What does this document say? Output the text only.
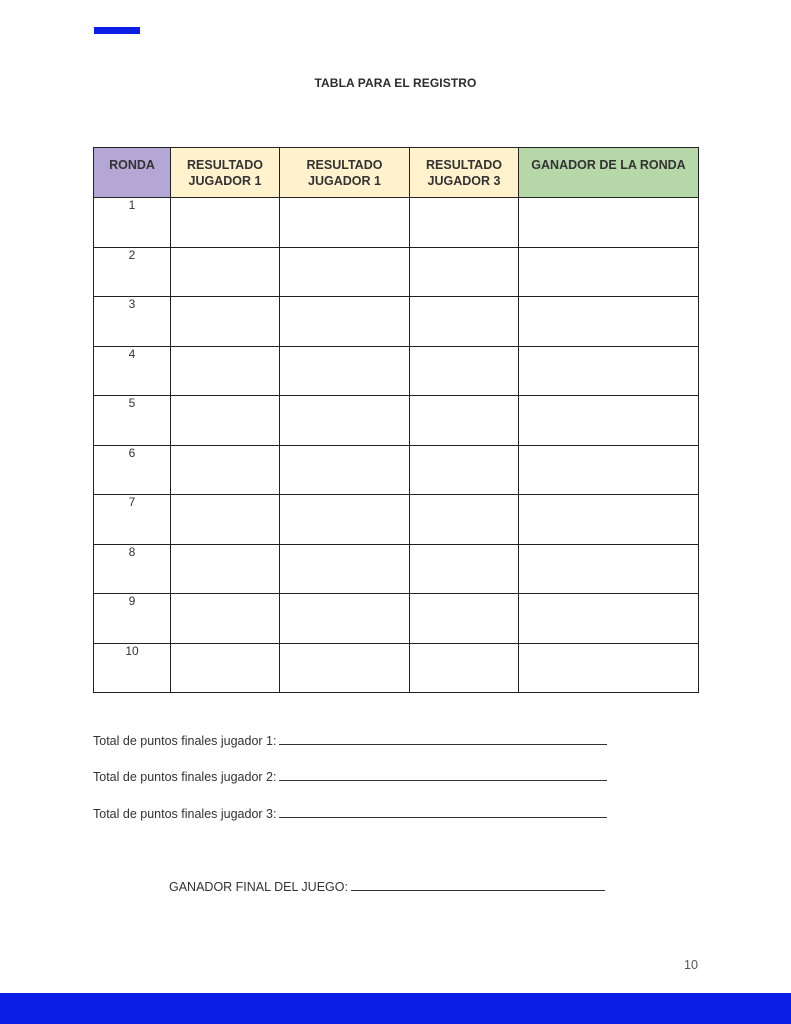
TABLA PARA EL REGISTRO
RONDA	RESULTADO JUGADOR 1	RESULTADO JUGADOR 1	RESULTADO JUGADOR 3	GANADOR DE LA RONDA
1				
2				
3				
4				
5				
6				
7				
8				
9				
10				
Total de puntos finales jugador 1:
Total de puntos finales jugador 2:
Total de puntos finales jugador 3:
GANADOR FINAL DEL JUEGO:
10
